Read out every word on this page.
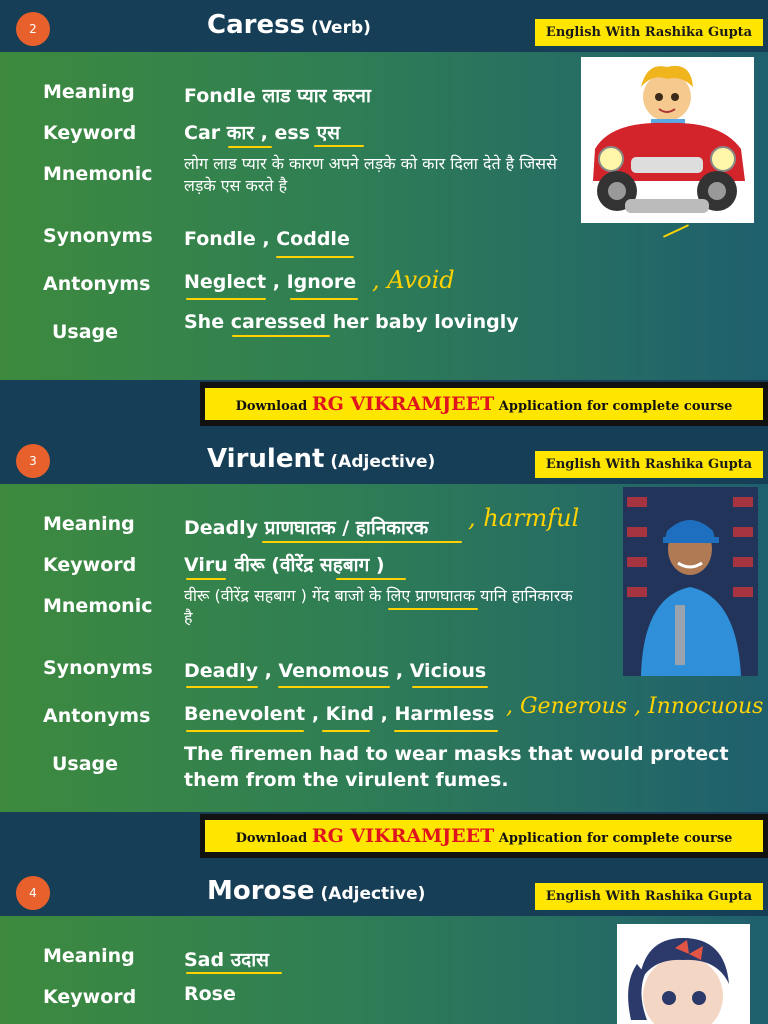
2	Caress (Verb)	English With Rashika Gupta
Meaning	Fondle लाड प्यार करना
Keyword	Car कार , ess एस
Mnemonic लोग लाड प्यार के कारण अपने लड़के को कार दिला देते है जिससे लड़के एस करते है
Synonyms Fondle , Coddle
Antonyms Neglect , Ignore , Avoid
Usage	She caressed her baby lovingly
Download RG VIKRAMJEET Application for complete course
3	Virulent (Adjective)	English With Rashika Gupta
Meaning	Deadly प्राणघातक / हानिकारक , harmful
Keyword	Viru वीरू (वीरेंद्र सहबाग )
Mnemonic वीरू (वीरेंद्र सहबाग ) गेंद बाजो के लिए प्राणघातक यानि हानिकारक है
Synonyms Deadly , Venomous , Vicious
Antonyms Benevolent , Kind , Harmless , Generous , Innocuous
Usage	The firemen had to wear masks that would protect them from the virulent fumes.
Download RG VIKRAMJEET Application for complete course
4	Morose (Adjective)	English With Rashika Gupta
Meaning	Sad उदास
Keyword	Rose
